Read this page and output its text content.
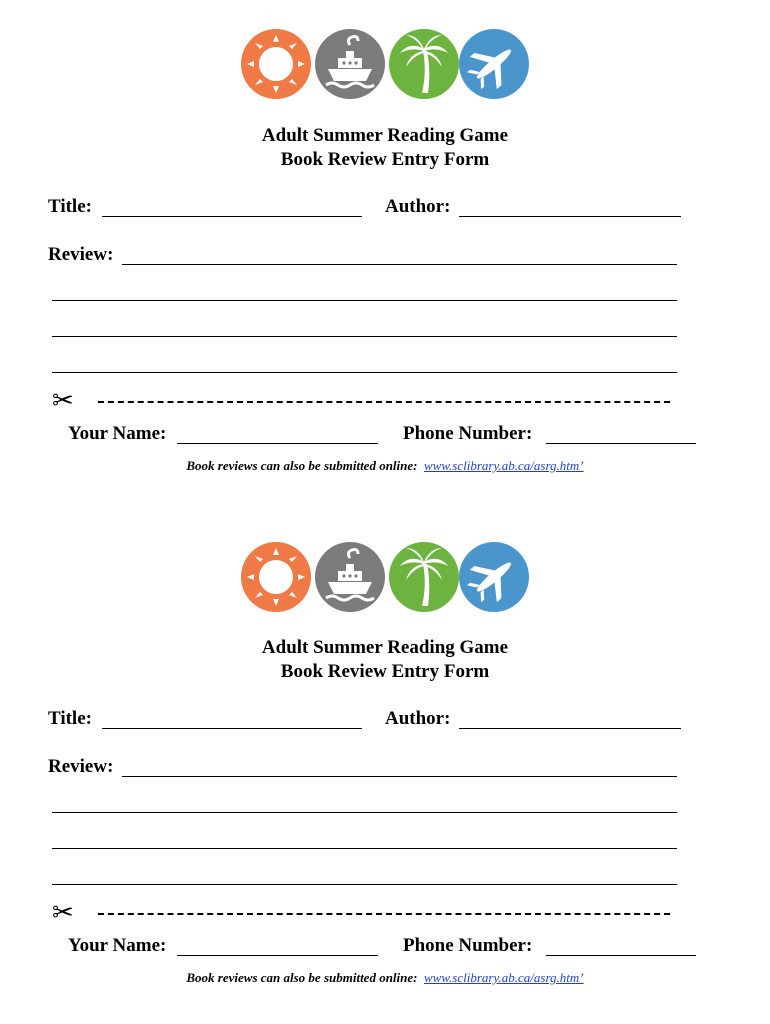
Adult Summer Reading Game
Book Review Entry Form
Title:	Author:
Review:
✂
Your Name:	Phone Number:
Book reviews can also be submitted online: www.sclibrary.ab.ca/asrg.htm’
Adult Summer Reading Game
Book Review Entry Form
Title:	Author:
Review:
✂
Your Name:	Phone Number:
Book reviews can also be submitted online: www.sclibrary.ab.ca/asrg.htm’
